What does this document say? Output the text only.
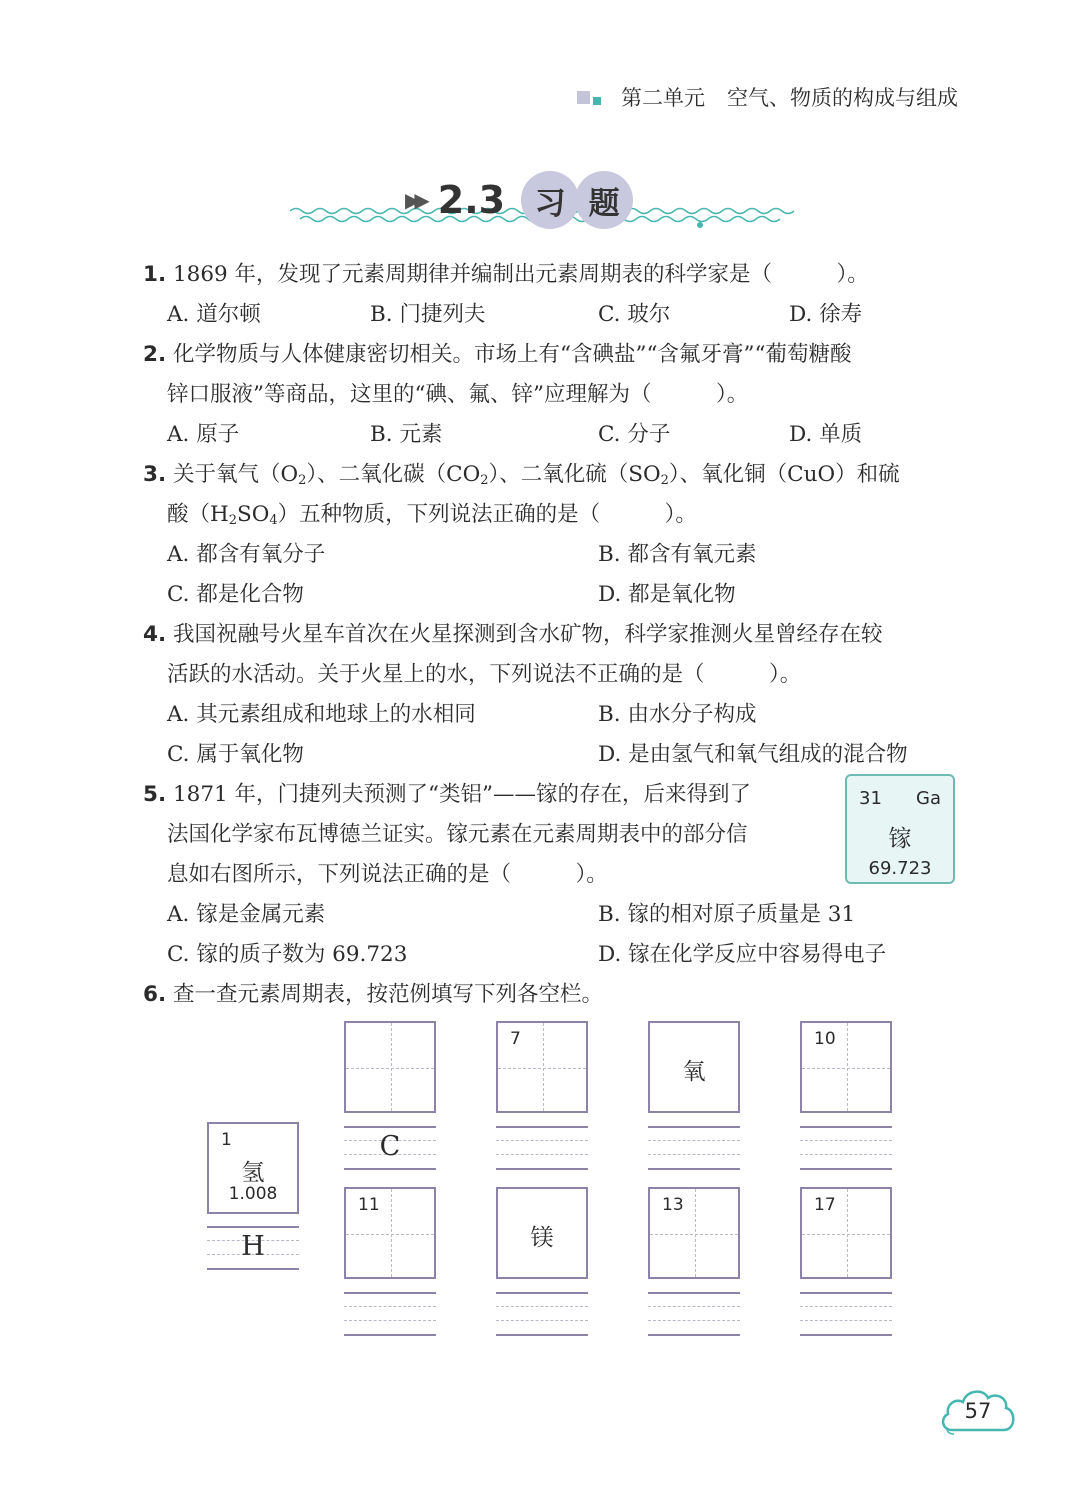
第二单元 空气、物质的构成与组成
▶▶ 2.3 习 题
1. 1869 年，发现了元素周期律并编制出元素周期表的科学家是（　　　）。
A. 道尔顿	B. 门捷列夫	C. 玻尔	D. 徐寿
2. 化学物质与人体健康密切相关。市场上有“含碘盐”“含氟牙膏”“葡萄糖酸
锌口服液”等商品，这里的“碘、氟、锌”应理解为（　　　）。
A. 原子	B. 元素	C. 分子	D. 单质
3. 关于氧气$(O_2)$、二氧化碳$(CO_2)$、二氧化硫$(SO_2)$、氧化铜（CuO）和硫
酸$(H_2SO_4)$五种物质，下列说法正确的是（　　　）。
A. 都含有氧分子	B. 都含有氧元素
C. 都是化合物	D. 都是氧化物
4. 我国祝融号火星车首次在火星探测到含水矿物，科学家推测火星曾经存在较
活跃的水活动。关于火星上的水，下列说法不正确的是（　　　）。
A. 其元素组成和地球上的水相同	B. 由水分子构成
C. 属于氧化物	D. 是由氢气和氧气组成的混合物
5. 1871 年，门捷列夫预测了“类铝”——镓的存在，后来得到了
法国化学家布瓦博德兰证实。镓元素在元素周期表中的部分信
息如右图所示，下列说法正确的是（　　　）。
31 Ga
镓
69.723
A. 镓是金属元素	B. 镓的相对原子质量是 31
C. 镓的质子数为 69.723	D. 镓在化学反应中容易得电子
6. 查一查元素周期表，按范例填写下列各空栏。
1
氢
1.008
H
7
氧
10
C
11
镁
13	17
57
